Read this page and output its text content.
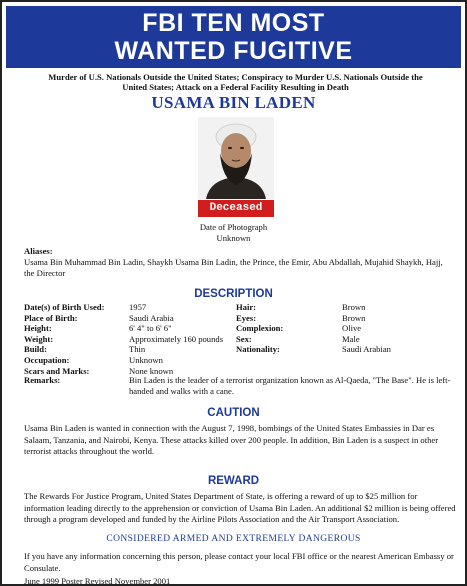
FBI TEN MOST
WANTED FUGITIVE
Murder of U.S. Nationals Outside the United States; Conspiracy to Murder U.S. Nationals Outside the United States; Attack on a Federal Facility Resulting in Death
USAMA BIN LADEN
Deceased
Date of Photograph
Unknown
Aliases:
Usama Bin Muhammad Bin Ladin, Shaykh Usama Bin Ladin, the Prince, the Emir, Abu Abdallah, Mujahid Shaykh, Hajj, the Director
DESCRIPTION
Date(s) of Birth Used:	1957	Hair:	Brown
Place of Birth:	Saudi Arabia	Eyes:	Brown
Height:	6' 4" to 6' 6"	Complexion:	Olive
Weight:	Approximately 160 pounds Sex:	Male
Build:	Thin	Nationality:	Saudi Arabian
Occupation:	Unknown
Scars and Marks:	None known
Remarks:	Bin Laden is the leader of a terrorist organization known as Al-Qaeda, "The Base". He is left-handed and walks with a cane.
CAUTION
Usama Bin Laden is wanted in connection with the August 7, 1998, bombings of the United States Embassies in Dar es Salaam, Tanzania, and Nairobi, Kenya. These attacks killed over 200 people. In addition, Bin Laden is a suspect in other terrorist attacks throughout the world.
REWARD
The Rewards For Justice Program, United States Department of State, is offering a reward of up to $25 million for information leading directly to the apprehension or conviction of Usama Bin Laden. An additional $2 million is being offered through a program developed and funded by the Airline Pilots Association and the Air Transport Association.
CONSIDERED ARMED AND EXTREMELY DANGEROUS
If you have any information concerning this person, please contact your local FBI office or the nearest American Embassy or Consulate.
June 1999 Poster Revised November 2001
